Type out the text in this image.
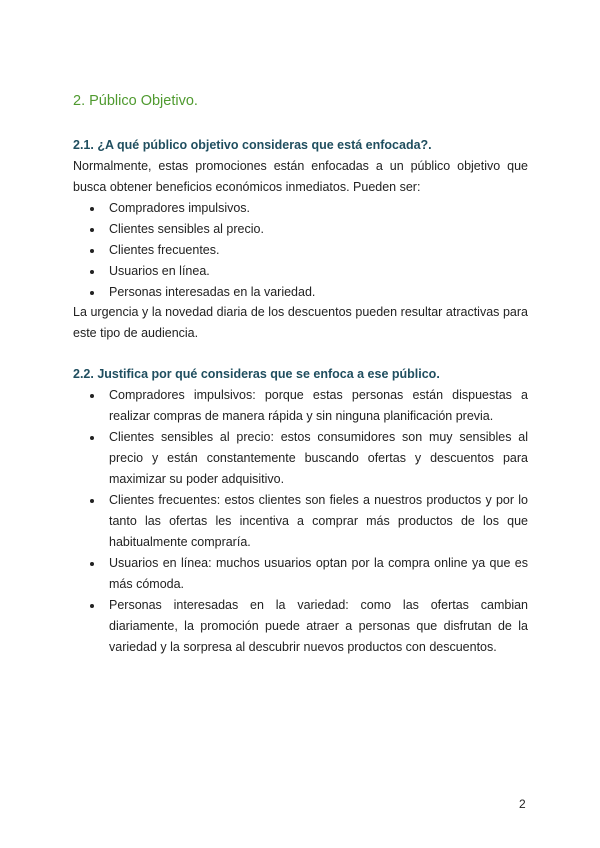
2. Público Objetivo.
2.1. ¿A qué público objetivo consideras que está enfocada?.

Normalmente, estas promociones están enfocadas a un público objetivo que busca obtener beneficios económicos inmediatos. Pueden ser:

Compradores impulsivos.
Clientes sensibles al precio.
Clientes frecuentes.
Usuarios en línea.
Personas interesadas en la variedad.

La urgencia y la novedad diaria de los descuentos pueden resultar atractivas para este tipo de audiencia.

2.2. Justifica por qué consideras que se enfoca a ese público.
Compradores impulsivos: porque estas personas están dispuestas a realizar compras de manera rápida y sin ninguna planificación previa.
Clientes sensibles al precio: estos consumidores son muy sensibles al precio y están constantemente buscando ofertas y descuentos para maximizar su poder adquisitivo.
Clientes frecuentes: estos clientes son fieles a nuestros productos y por lo tanto las ofertas les incentiva a comprar más productos de los que habitualmente compraría.
Usuarios en línea: muchos usuarios optan por la compra online ya que es más cómoda.
Personas interesadas en la variedad: como las ofertas cambian diariamente, la promoción puede atraer a personas que disfrutan de la variedad y la sorpresa al descubrir nuevos productos con descuentos.
2
